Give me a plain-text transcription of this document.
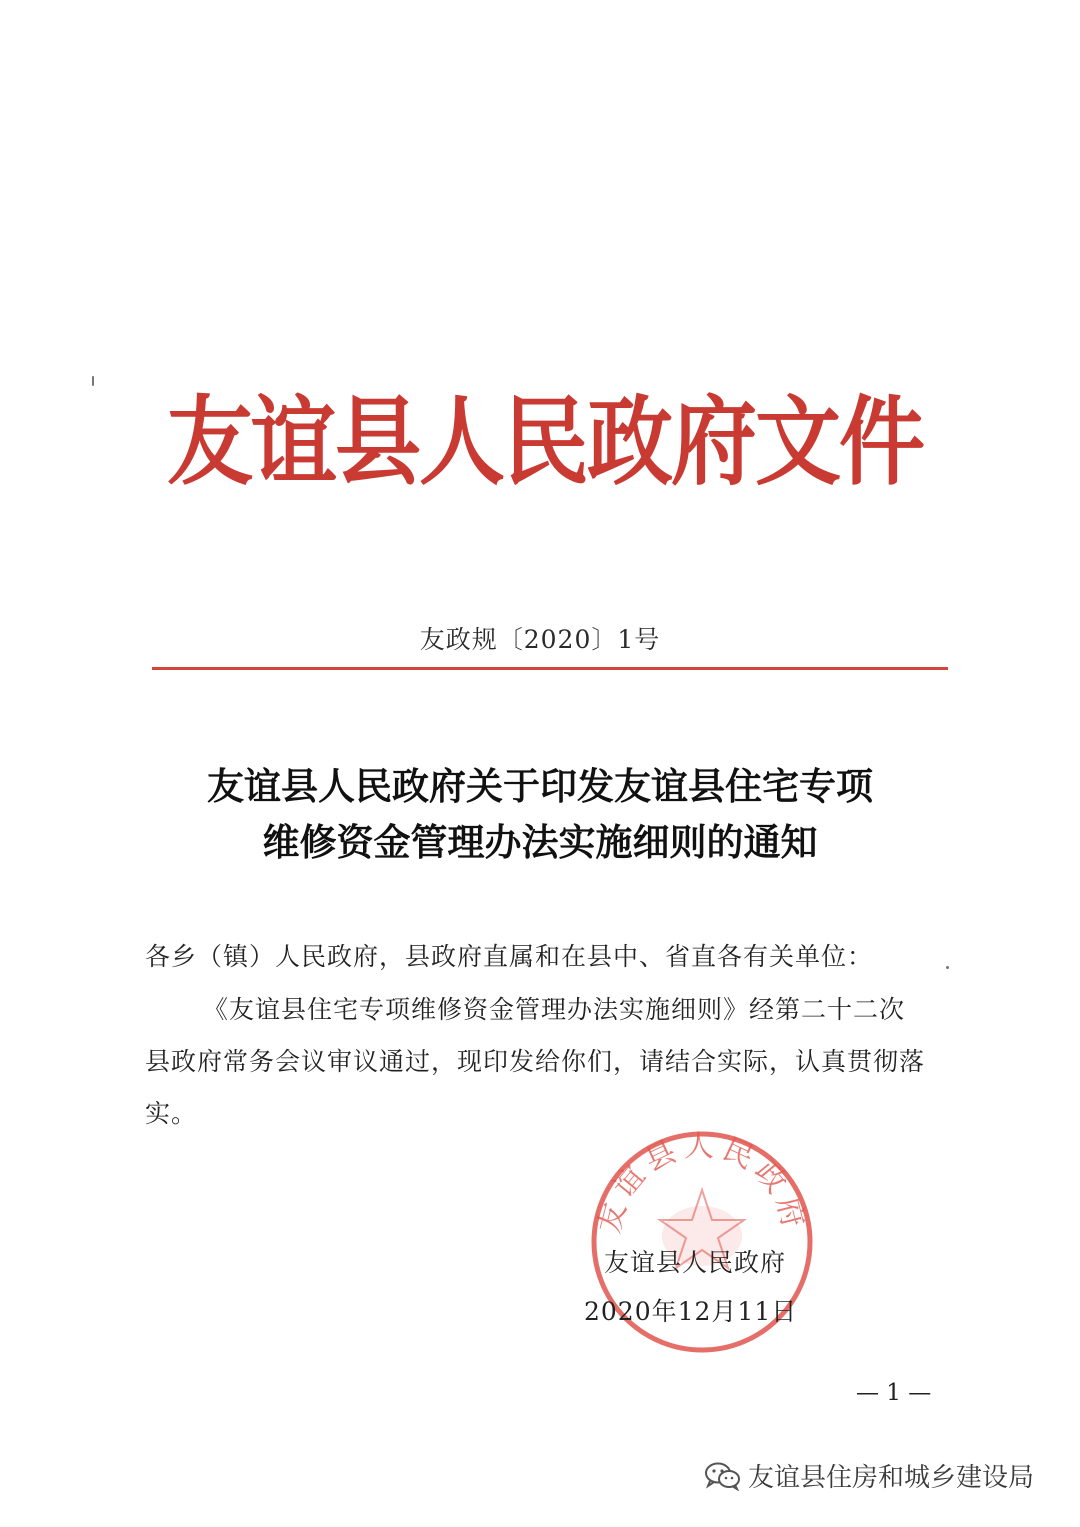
友谊县人民政府文件
友政规〔2020〕1号
友谊县人民政府关于印发友谊县住宅专项
维修资金管理办法实施细则的通知
各乡（镇）人民政府，县政府直属和在县中、省直各有关单位：

《友谊县住宅专项维修资金管理办法实施细则》经第二十二次县政府常务会议审议通过，现印发给你们，请结合实际，认真贯彻落实。

友谊县人民政府
友谊县人民政府
2020年12月11日
— 1 —
友谊县住房和城乡建设局
